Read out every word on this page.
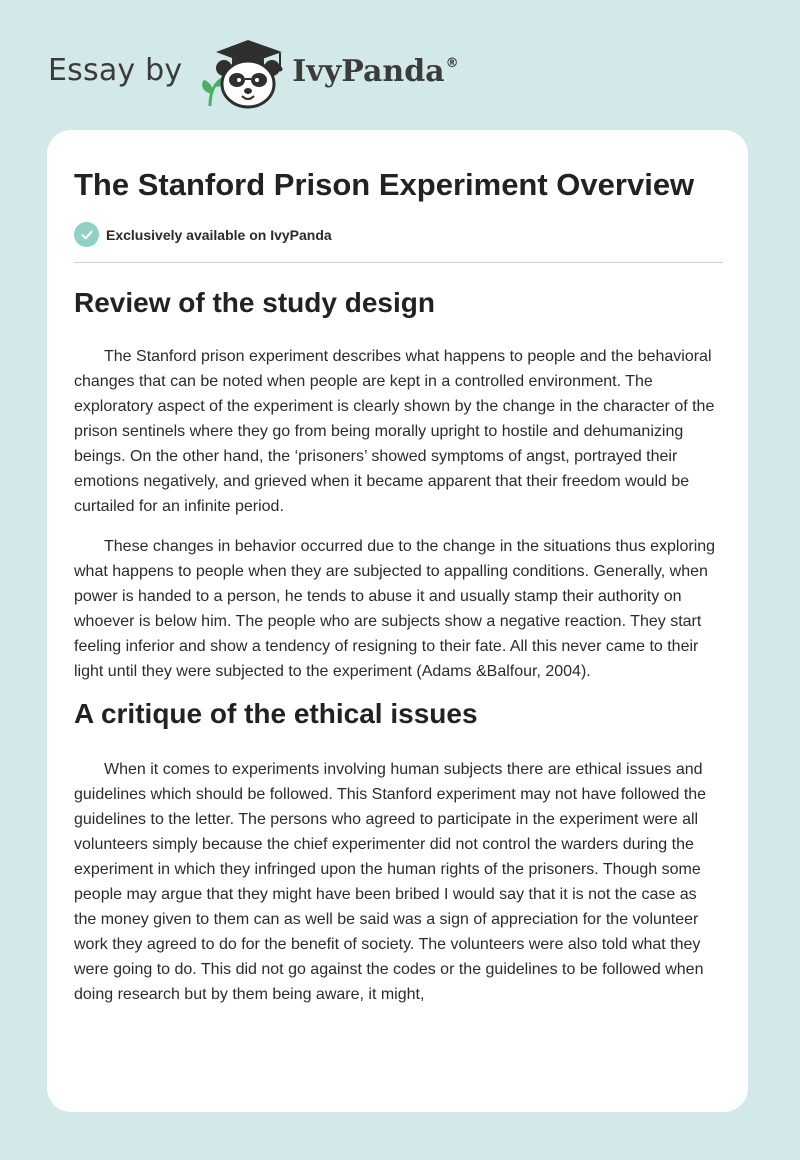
Essay by	IvyPanda®
The Stanford Prison Experiment Overview
Exclusively available on IvyPanda
Review of the study design

The Stanford prison experiment describes what happens to people and the behavioral changes that can be noted when people are kept in a controlled environment. The exploratory aspect of the experiment is clearly shown by the change in the character of the prison sentinels where they go from being morally upright to hostile and dehumanizing beings. On the other hand, the ‘prisoners’ showed symptoms of angst, portrayed their emotions negatively, and grieved when it became apparent that their freedom would be curtailed for an infinite period.

These changes in behavior occurred due to the change in the situations thus exploring what happens to people when they are subjected to appalling conditions. Generally, when power is handed to a person, he tends to abuse it and usually stamp their authority on whoever is below him. The people who are subjects show a negative reaction. They start feeling inferior and show a tendency of resigning to their fate. All this never came to their light until they were subjected to the experiment (Adams &Balfour, 2004).

A critique of the ethical issues

When it comes to experiments involving human subjects there are ethical issues and guidelines which should be followed. This Stanford experiment may not have followed the guidelines to the letter. The persons who agreed to participate in the experiment were all volunteers simply because the chief experimenter did not control the warders during the experiment in which they infringed upon the human rights of the prisoners. Though some people may argue that they might have been bribed I would say that it is not the case as the money given to them can as well be said was a sign of appreciation for the volunteer work they agreed to do for the benefit of society. The volunteers were also told what they were going to do. This did not go against the codes or the guidelines to be followed when doing research but by them being aware, it might,
